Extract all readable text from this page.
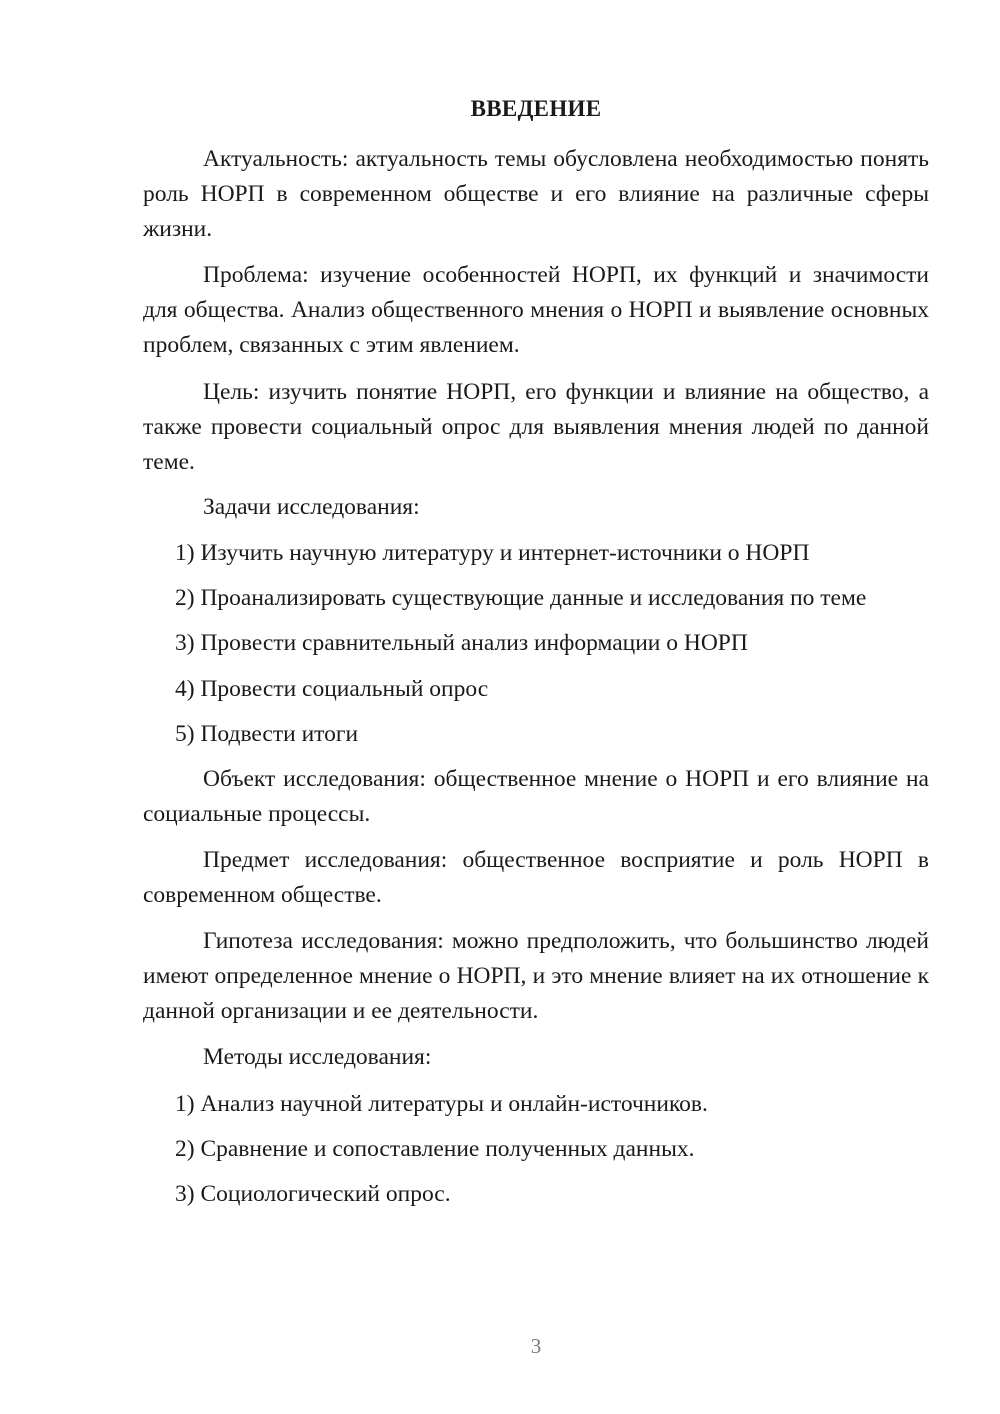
ВВЕДЕНИЕ

Актуальность: актуальность темы обусловлена необходимостью понять роль НОРП в современном обществе и его влияние на различные сферы жизни.

Проблема: изучение особенностей НОРП, их функций и значимости для общества. Анализ общественного мнения о НОРП и выявление основных проблем, связанных с этим явлением.

Цель: изучить понятие НОРП, его функции и влияние на общество, а также провести социальный опрос для выявления мнения людей по данной теме.

Задачи исследования:

1) Изучить научную литературу и интернет-источники о НОРП

2) Проанализировать существующие данные и исследования по теме

3) Провести сравнительный анализ информации о НОРП

4) Провести социальный опрос

5) Подвести итоги

Объект исследования: общественное мнение о НОРП и его влияние на социальные процессы.

Предмет исследования: общественное восприятие и роль НОРП в современном обществе.

Гипотеза исследования: можно предположить, что большинство людей имеют определенное мнение о НОРП, и это мнение влияет на их отношение к данной организации и ее деятельности.

Методы исследования:

1) Анализ научной литературы и онлайн-источников.

2) Сравнение и сопоставление полученных данных.

3) Социологический опрос.

3
